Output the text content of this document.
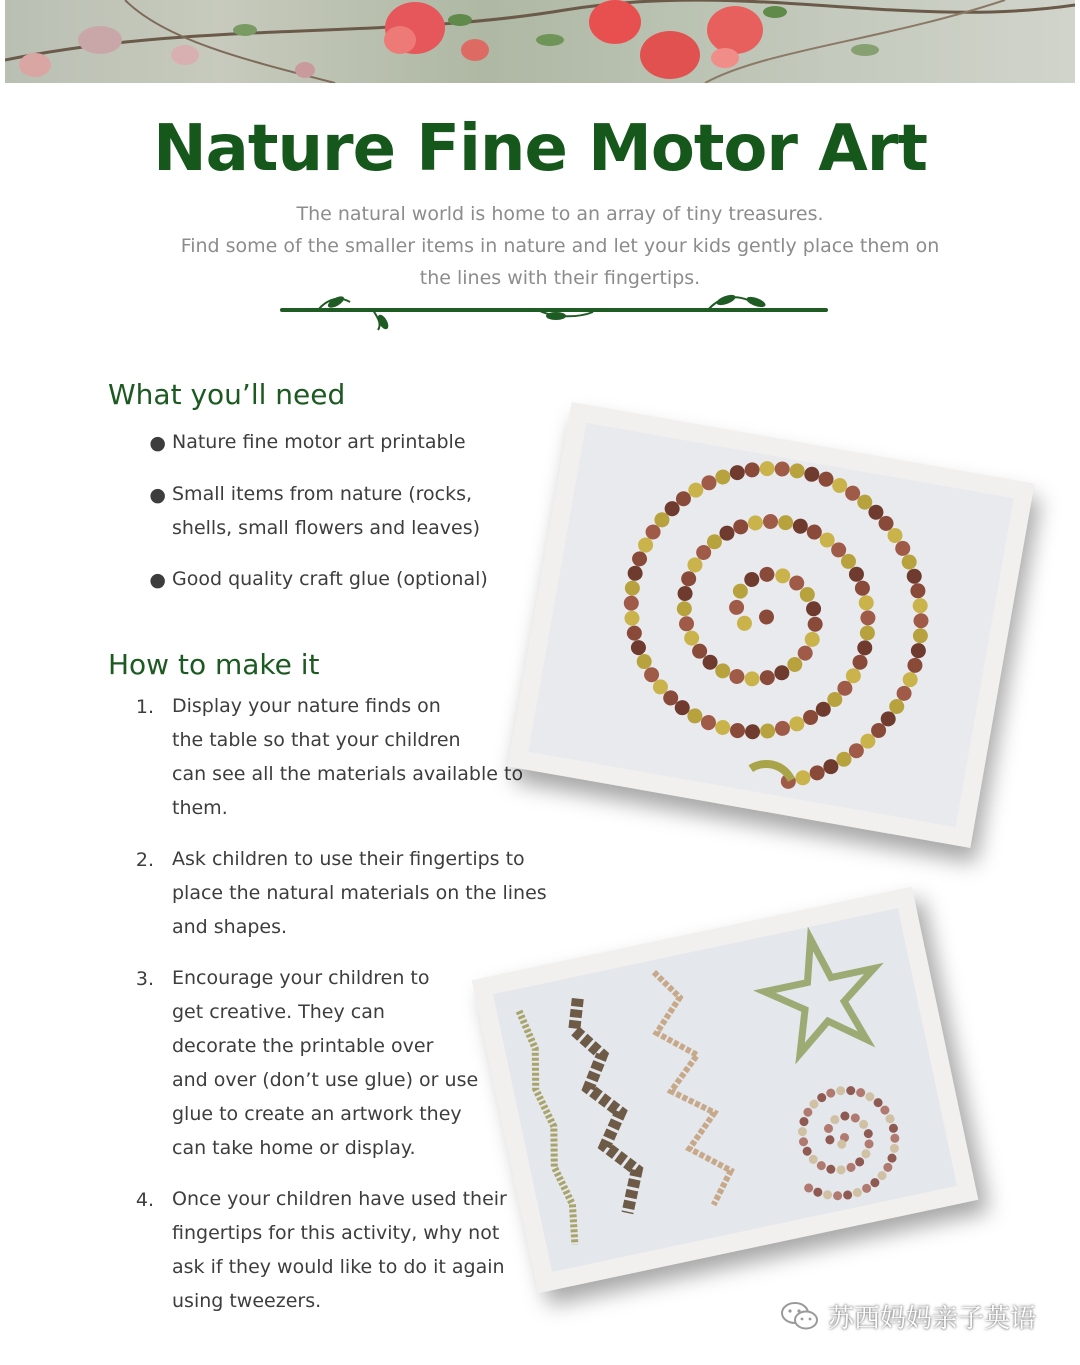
Nature Fine Motor Art
The natural world is home to an array of tiny treasures.
Find some of the smaller items in nature and let your kids gently place them on
the lines with their fingertips.
What you’ll need
● Nature fine motor art printable
● Small items from nature (rocks,
shells, small flowers and leaves)
● Good quality craft glue (optional)
How to make it
1. Display your nature finds on
the table so that your children
can see all the materials available to
them.
2. Ask children to use their fingertips to
place the natural materials on the lines
and shapes.
3. Encourage your children to
get creative. They can
decorate the printable over
and over (don’t use glue) or use
glue to create an artwork they
can take home or display.
4. Once your children have used their
fingertips for this activity, why not
ask if they would like to do it again
using tweezers.
苏西妈妈亲子英语
